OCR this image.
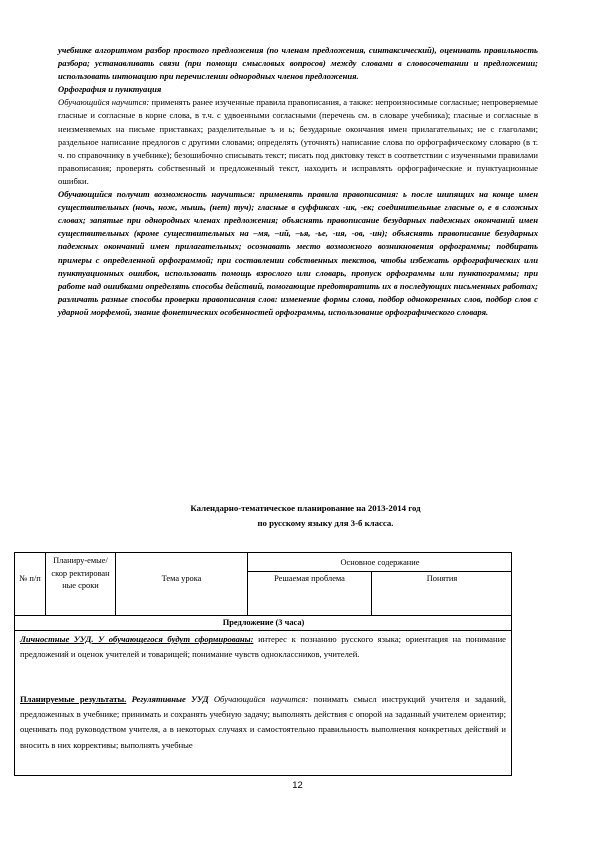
учебнике алгоритмом разбор простого предложения (по членам предложения, синтаксический), оценивать правильность разбора; устанавливать связи (при помощи смысловых вопросов) между словами в словосочетании и предложении; использовать интонацию при перечислении однородных членов предложения.

Орфография и пунктуация

Обучающийся научится: применять ранее изученные правила правописания, а также: непроизносимые согласные; непроверяемые гласные и согласные в корне слова, в т.ч. с удвоенными согласными (перечень см. в словаре учебника); гласные и согласные в неизменяемых на письме приставках; разделительные ъ и ь; безударные окончания имен прилагательных; не с глаголами; раздельное написание предлогов с другими словами; определять (уточнять) написание слова по орфографическому словарю (в т. ч. по справочнику в учебнике); безошибочно списывать текст; писать под диктовку текст в соответствии с изученными правилами правописания; проверять собственный и предложенный текст, находить и исправлять орфографические и пунктуационные ошибки.

Обучающийся получит возможность научиться: применять правила правописания: ь после шипящих на конце имен существительных (ночь, нож, мышь, (нет) туч); гласные в суффиксах -ик, -ек; соединительные гласные о, е в сложных словах; запятые при однородных членах предложения; объяснять правописание безударных падежных окончаний имен существительных (кроме существительных на –мя, –ий, –ья, -ье, -ия, -ов, -ин); объяснять правописание безударных падежных окончаний имен прилагательных; осознавать место возможного возникновения орфограммы; подбирать примеры с определенной орфограммой; при составлении собственных текстов, чтобы избежать орфографических или пунктуационных ошибок, использовать помощь взрослого или словарь, пропуск орфограммы или пунктограммы; при работе над ошибками определять способы действий, помогающие предотвратить их в последующих письменных работах; различать разные способы проверки правописания слов: изменение формы слова, подбор однокоренных слов, подбор слов с ударной морфемой, знание фонетических особенностей орфограммы, использование орфографического словаря.

Календарно-тематическое планирование на 2013-2014 год
по русскому языку для 3-б класса.
№ п/п
Планиру-емые/скор ректирован ные сроки
Тема урока
Основное содержание
Решаемая проблема	Понятия
Предложение (3 часа)
Личностные УУД. У обучающегося будут сформированы: интерес к познанию русского языка; ориентация на понимание предложений и оценок учителей и товарищей; понимание чувств одноклассников, учителей.
Планируемые результаты. Регулятивные УУД Обучающийся научится: понимать смысл инструкций учителя и заданий, предложенных в учебнике; принимать и сохранять учебную задачу; выполнять действия с опорой на заданный учителем ориентир; оценивать под руководством учителя, а в некоторых случаях и самостоятельно правильность выполнения конкретных действий и вносить в них коррективы; выполнять учебные
12
